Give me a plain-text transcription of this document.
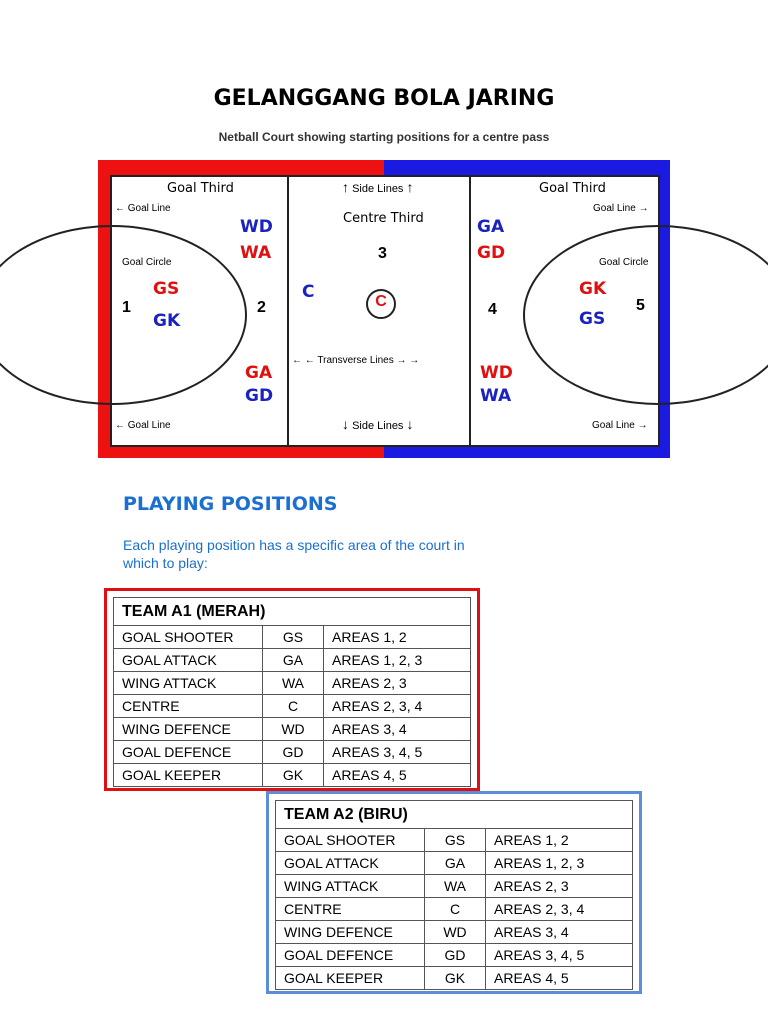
GELANGGANG BOLA JARING
Netball Court showing starting positions for a centre pass
Goal Third	Goal Third
Centre Third
↑ Side Lines ↑
↓ Side Lines ↓
← ← Transverse Lines → →
← Goal Line
← Goal Line
Goal Line →
Goal Line →
Goal Circle	Goal Circle
1	2
3
4	5
GS
GK
WD
WA
GA
GD
C	C
GA
GD
WD
WA
GK
GS
PLAYING POSITIONS
Each playing position has a specific area of the court in which to play:
TEAM A1 (MERAH)		
GOAL SHOOTER	GS	AREAS 1, 2
GOAL ATTACK	GA	AREAS 1, 2, 3
WING ATTACK	WA	AREAS 2, 3
CENTRE	C	AREAS 2, 3, 4
WING DEFENCE	WD	AREAS 3, 4
GOAL DEFENCE	GD	AREAS 3, 4, 5
GOAL KEEPER	GK	AREAS 4, 5
TEAM A2 (BIRU)		
GOAL SHOOTER	GS	AREAS 1, 2
GOAL ATTACK	GA	AREAS 1, 2, 3
WING ATTACK	WA	AREAS 2, 3
CENTRE	C	AREAS 2, 3, 4
WING DEFENCE	WD	AREAS 3, 4
GOAL DEFENCE	GD	AREAS 3, 4, 5
GOAL KEEPER	GK	AREAS 4, 5
